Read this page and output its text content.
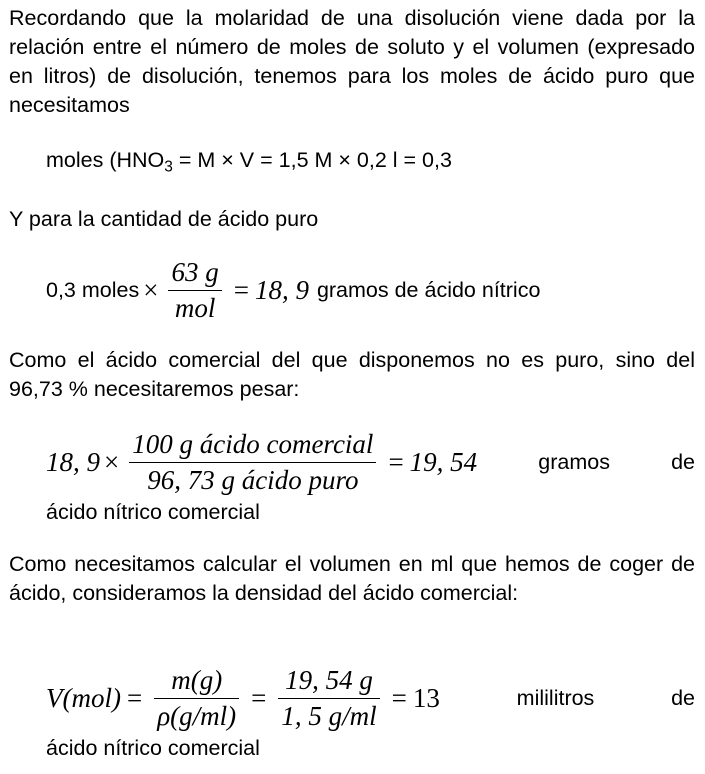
Recordando que la molaridad de una disolución viene dada por la relación entre el número de moles de soluto y el volumen (expresado en litros) de disolución, tenemos para los moles de ácido puro que necesitamos

moles ($HNO_3 = M \times V = 1,5$ M × 0,2 l = 0,3

Y para la cantidad de ácido puro

0,3 moles × $\frac{63 g}{\text{mol}} = 18$, 9 gramos de ácido nítrico

Como el ácido comercial del que disponemos no es puro, sino del 96,73 % necesitaremos pesar:

18, $9 \times \frac{\text{100 g ácido comercial}}{\text{96, 73 g ácido puro}} = 19$, 54	gramos	de
ácido nítrico comercial

Como necesitamos calcular el volumen en ml que hemos de coger de ácido, consideramos la densidad del ácido comercial:

$V(mol) = \frac{m(g)}{\rho(g/ml)} = \frac{19, 54 g}{1, 5 g/ml} = 13$	mililitros	de
ácido nítrico comercial
